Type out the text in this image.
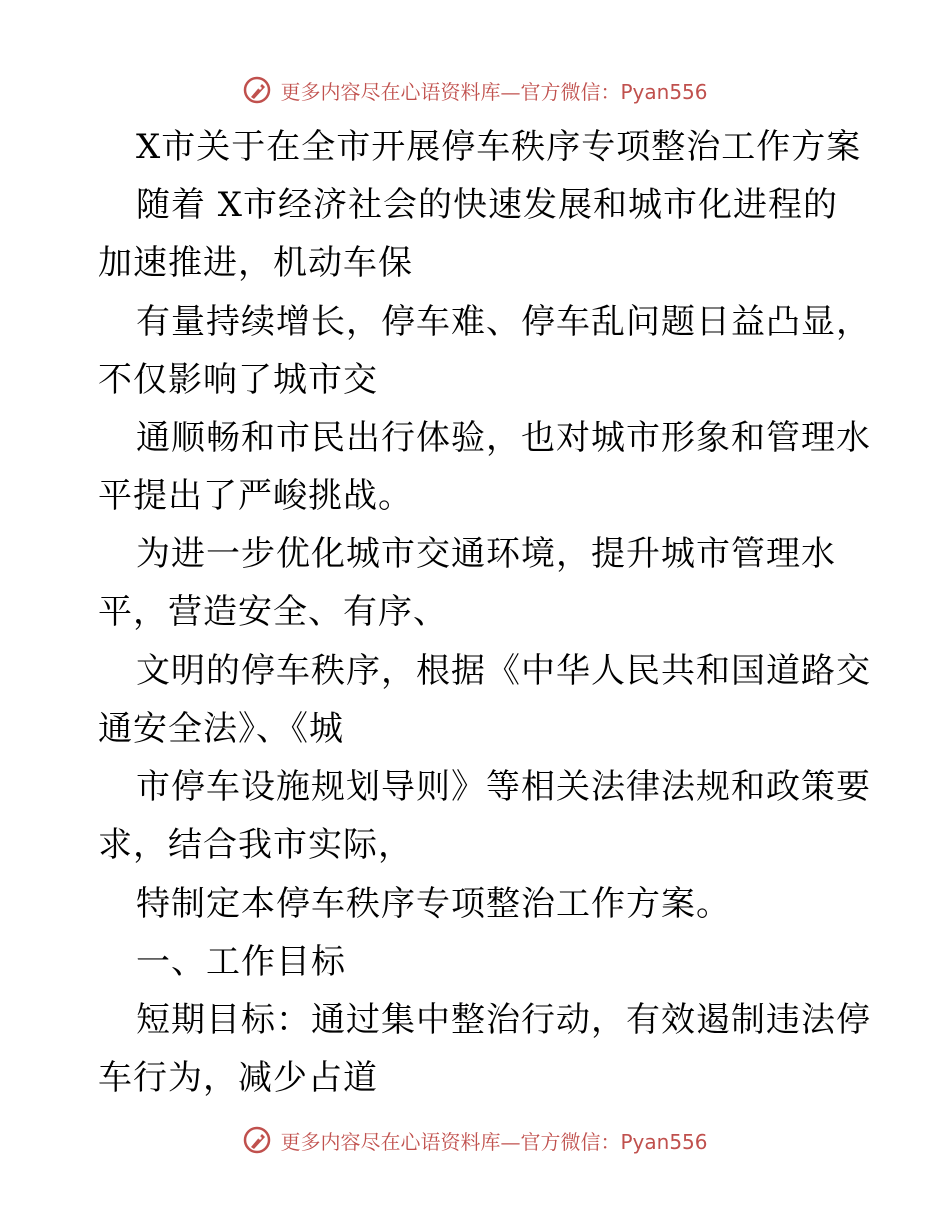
更多内容尽在心语资料库—官方微信：Pyan556
X市关于在全市开展停车秩序专项整治工作方案
随着 X市经济社会的快速发展和城市化进程的
加速推进，机动车保
有量持续增长，停车难、停车乱问题日益凸显，
不仅影响了城市交
通顺畅和市民出行体验，也对城市形象和管理水
平提出了严峻挑战。
为进一步优化城市交通环境，提升城市管理水
平，营造安全、有序、
文明的停车秩序，根据《中华人民共和国道路交
通安全法》、《城
市停车设施规划导则》等相关法律法规和政策要
求，结合我市实际，
特制定本停车秩序专项整治工作方案。
一、工作目标
短期目标：通过集中整治行动，有效遏制违法停
车行为，减少占道
更多内容尽在心语资料库—官方微信：Pyan556
